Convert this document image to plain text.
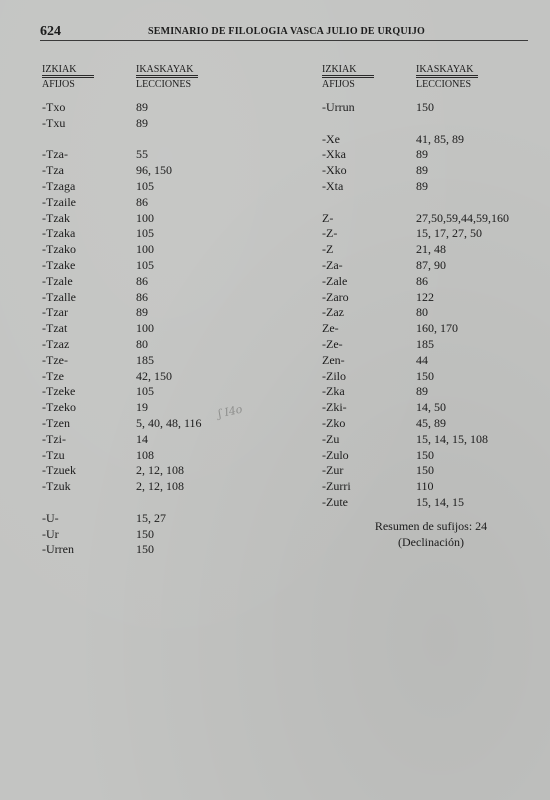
624	SEMINARIO DE FILOLOGIA VASCA JULIO DE URQUIJO
IZKIAK
AFIJOS
IKASKAYAK
LECCIONES
-Txo	89
-Txu	89
-Tza-	55
-Tza	96, 150
-Tzaga	105
-Tzaile	86
-Tzak	100
-Tzaka	105
-Tzako	100
-Tzake	105
-Tzale	86
-Tzalle	86
-Tzar	89
-Tzat	100
-Tzaz	80
-Tze-	185
-Tze	42, 150
-Tzeke	105
-Tzeko	19
-Tzen	5, 40, 48, 116
-Tzi-	14
-Tzu	108
-Tzuek	2, 12, 108
-Tzuk	2, 12, 108
-U-	15, 27
-Ur	150
-Urren	150
IZKIAK
AFIJOS
IKASKAYAK
LECCIONES
-Urrun	150
-Xe	41, 85, 89
-Xka	89
-Xko	89
-Xta	89
Z-	27,50,59,44,59,160
-Z-	15, 17, 27, 50
-Z	21, 48
-Za-	87, 90
-Zale	86
-Zaro	122
-Zaz	80
Ze-	160, 170
-Ze-	185
Zen-	44
-Zilo	150
-Zka	89
-Zki-	14, 50
-Zko	45, 89
-Zu	15, 14, 15, 108
-Zulo	150
-Zur	150
-Zurri	110
-Zute	15, 14, 15
Resumen de sufijos: 24
(Declinación)
ʃ I4o
